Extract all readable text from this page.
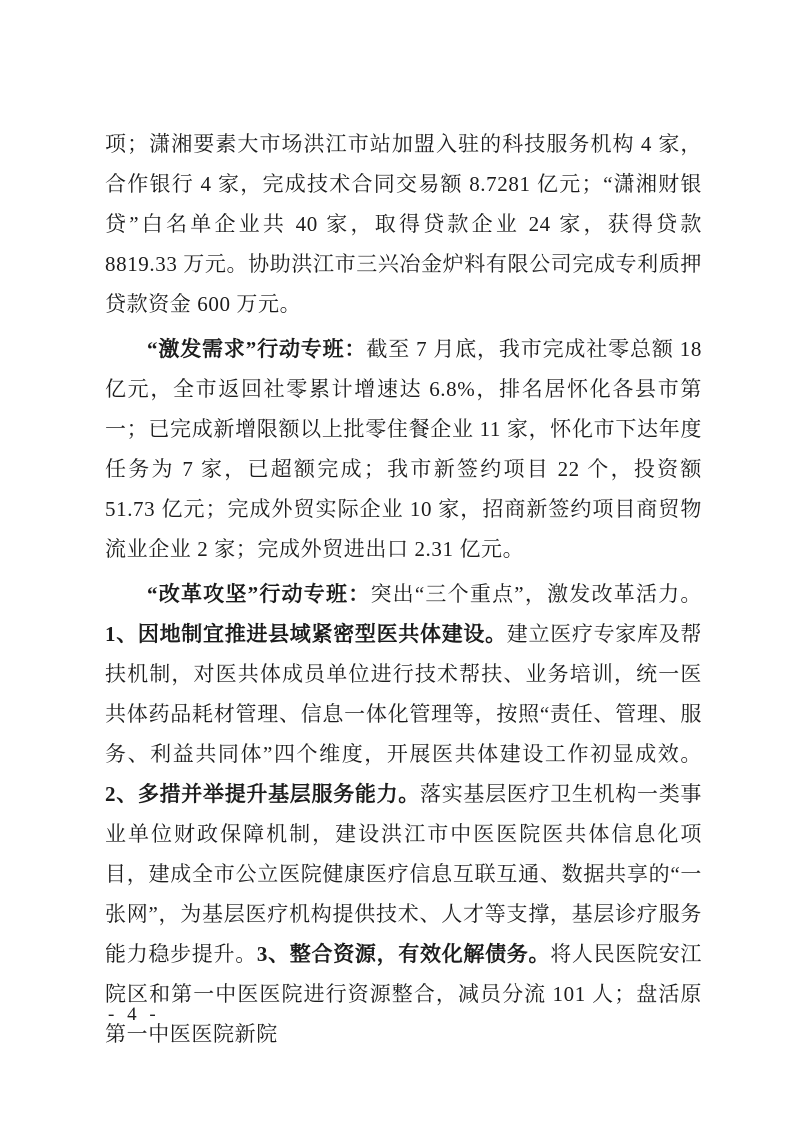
项；潇湘要素大市场洪江市站加盟入驻的科技服务机构 4 家，合作银行 4 家，完成技术合同交易额 8.7281 亿元；“潇湘财银贷”白名单企业共 40 家，取得贷款企业 24 家，获得贷款 8819.33 万元。协助洪江市三兴冶金炉料有限公司完成专利质押贷款资金 600 万元。

“激发需求”行动专班：截至 7 月底，我市完成社零总额 18 亿元，全市返回社零累计增速达 6.8%，排名居怀化各县市第一；已完成新增限额以上批零住餐企业 11 家，怀化市下达年度任务为 7 家，已超额完成；我市新签约项目 22 个，投资额 51.73 亿元；完成外贸实际企业 10 家，招商新签约项目商贸物流业企业 2 家；完成外贸进出口 2.31 亿元。

“改革攻坚”行动专班：突出“三个重点”，激发改革活力。1、因地制宜推进县域紧密型医共体建设。建立医疗专家库及帮扶机制，对医共体成员单位进行技术帮扶、业务培训，统一医共体药品耗材管理、信息一体化管理等，按照“责任、管理、服务、利益共同体”四个维度，开展医共体建设工作初显成效。2、多措并举提升基层服务能力。落实基层医疗卫生机构一类事业单位财政保障机制，建设洪江市中医医院医共体信息化项目，建成全市公立医院健康医疗信息互联互通、数据共享的“一张网”，为基层医疗机构提供技术、人才等支撑，基层诊疗服务能力稳步提升。3、整合资源，有效化解债务。将人民医院安江院区和第一中医医院进行资源整合，减员分流 101 人；盘活原第一中医医院新院

- 4 -
